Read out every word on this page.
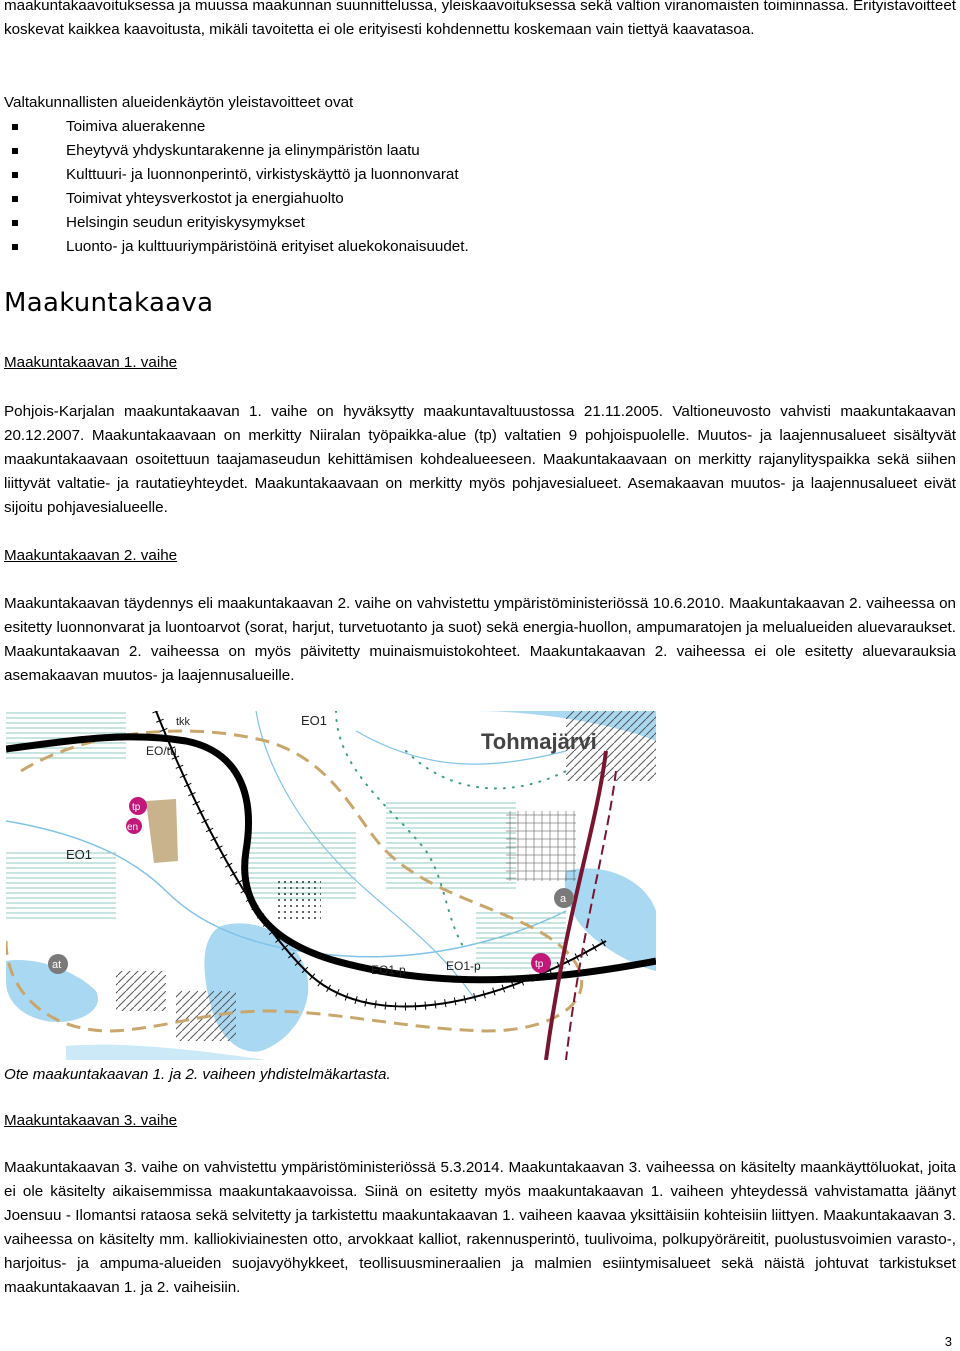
maakuntakaavoituksessa ja muussa maakunnan suunnittelussa, yleiskaavoituksessa sekä valtion viranomaisten toiminnassa. Erityistavoitteet koskevat kaikkea kaavoitusta, mikäli tavoitetta ei ole erityisesti kohdennettu koskemaan vain tiettyä kaavatasoa.

Valtakunnallisten alueidenkäytön yleistavoitteet ovat
Toimiva aluerakenne
Eheytyvä yhdyskuntarakenne ja elinympäristön laatu
Kulttuuri- ja luonnonperintö, virkistyskäyttö ja luonnonvarat
Toimivat yhteysverkostot ja energiahuolto
Helsingin seudun erityiskysymykset
Luonto- ja kulttuuriympäristöinä erityiset aluekokonaisuudet.
Maakuntakaava
Maakuntakaavan 1. vaihe

Pohjois-Karjalan maakuntakaavan 1. vaihe on hyväksytty maakuntavaltuustossa 21.11.2005. Valtioneuvosto vahvisti maakuntakaavan 20.12.2007. Maakuntakaavaan on merkitty Niiralan työpaikka-alue (tp) valtatien 9 pohjoispuolelle. Muutos- ja laajennusalueet sisältyvät maakuntakaavaan osoitettuun taajamaseudun kehittämisen kohdealueeseen. Maakuntakaavaan on merkitty rajanylityspaikka sekä siihen liittyvät valtatie- ja rautatieyhteydet. Maakuntakaavaan on merkitty myös pohjavesialueet. Asemakaavan muutos- ja laajennusalueet eivät sijoitu pohjavesialueelle.

Maakuntakaavan 2. vaihe

Maakuntakaavan täydennys eli maakuntakaavan 2. vaihe on vahvistettu ympäristöministeriössä 10.6.2010. Maakuntakaavan 2. vaiheessa on esitetty luonnonvarat ja luontoarvot (sorat, harjut, turvetuotanto ja suot) sekä energia-huollon, ampumaratojen ja melualueiden aluevaraukset. Maakuntakaavan 2. vaiheessa on myös päivitetty muinaismuistokohteet. Maakuntakaavan 2. vaiheessa ei ole esitetty aluevarauksia asemakaavan muutos- ja laajennusalueille.

Tohmajärvi
EO1
EO/tu
tkk
tp
en
EO1
a
at	EO1-p	EO1-p	tp
Ote maakuntakaavan 1. ja 2. vaiheen yhdistelmäkartasta.
Maakuntakaavan 3. vaihe

Maakuntakaavan 3. vaihe on vahvistettu ympäristöministeriössä 5.3.2014. Maakuntakaavan 3. vaiheessa on käsitelty maankäyttöluokat, joita ei ole käsitelty aikaisemmissa maakuntakaavoissa. Siinä on esitetty myös maakuntakaavan 1. vaiheen yhteydessä vahvistamatta jäänyt Joensuu - Ilomantsi rataosa sekä selvitetty ja tarkistettu maakuntakaavan 1. vaiheen kaavaa yksittäisiin kohteisiin liittyen. Maakuntakaavan 3. vaiheessa on käsitelty mm. kalliokiviainesten otto, arvokkaat kalliot, rakennusperintö, tuulivoima, polkupyöräreitit, puolustusvoimien varasto-, harjoitus- ja ampuma-alueiden suojavyöhykkeet, teollisuusmineraalien ja malmien esiintymisalueet sekä näistä johtuvat tarkistukset maakuntakaavan 1. ja 2. vaiheisiin.

3
